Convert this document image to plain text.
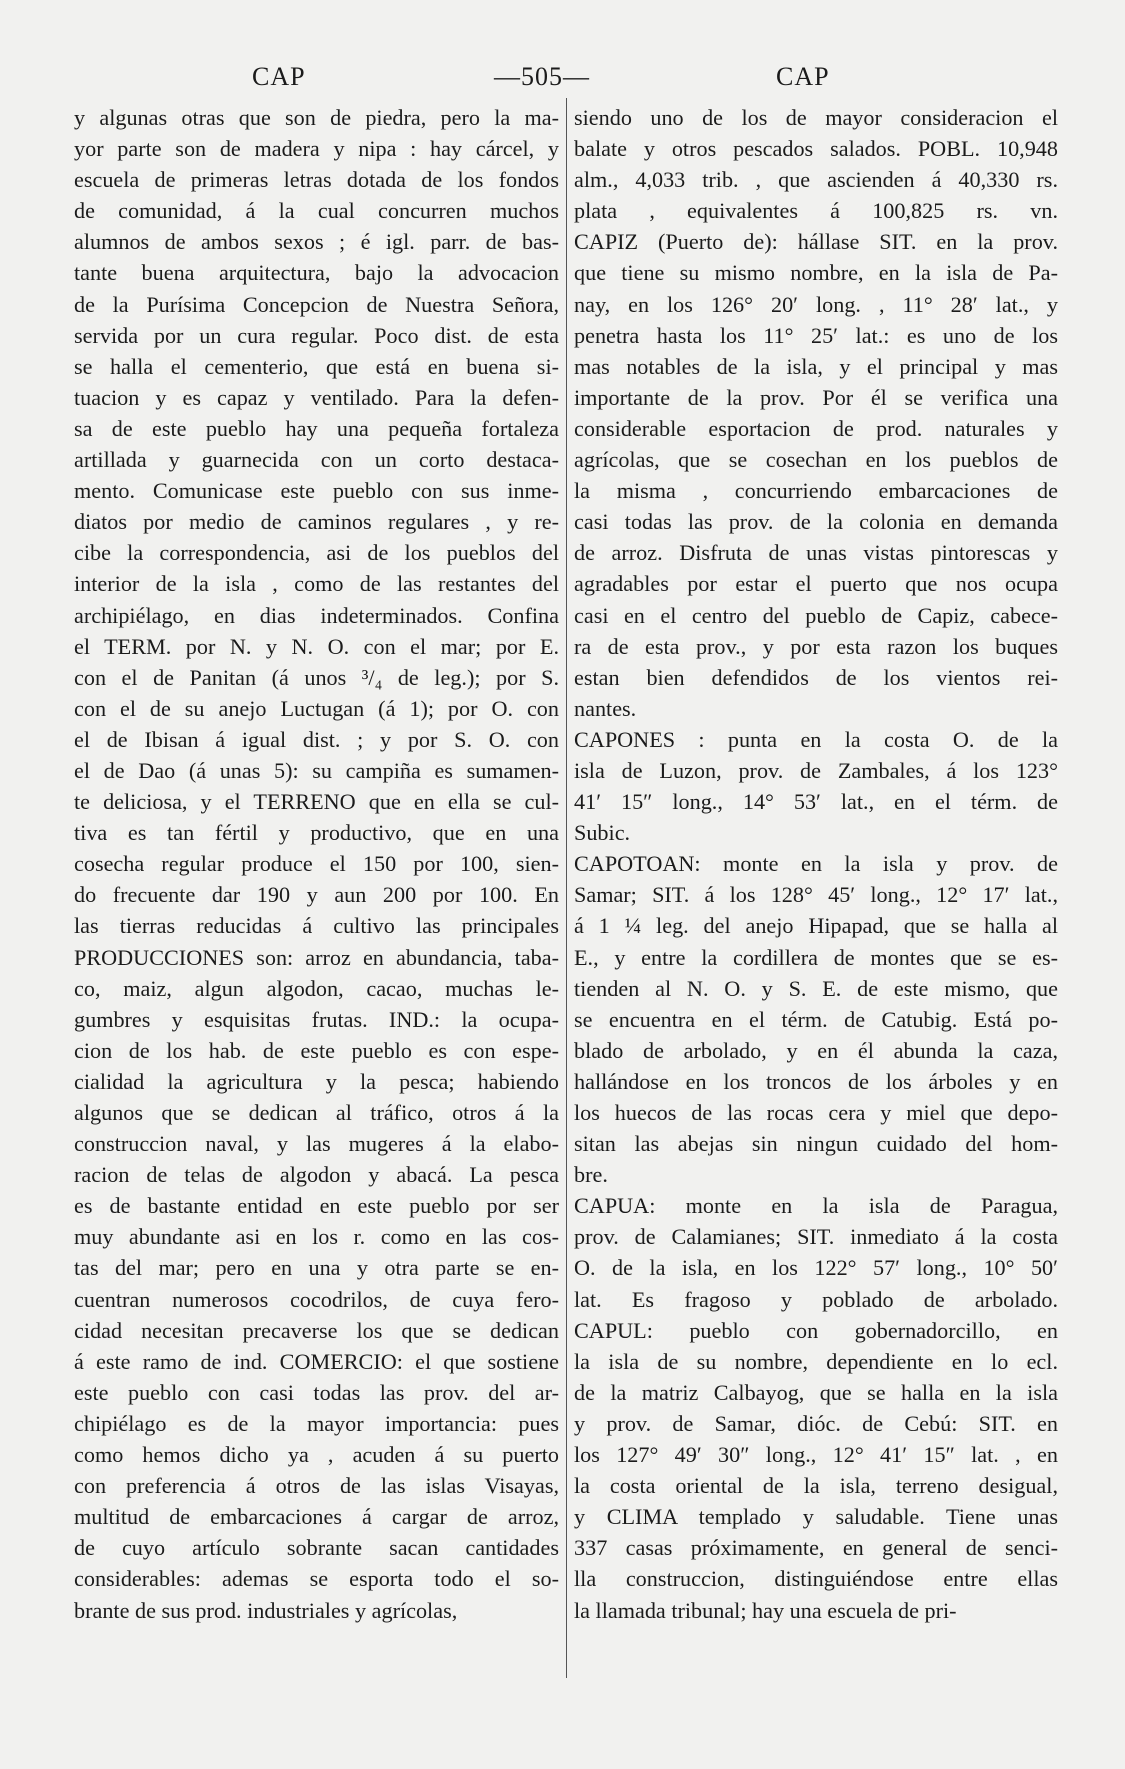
CAP	—505—	CAP
y algunas otras que son de piedra, pero la ma-
yor parte son de madera y nipa : hay cárcel, y
escuela de primeras letras dotada de los fondos
de comunidad, á la cual concurren muchos
alumnos de ambos sexos ; é igl. parr. de bas-
tante buena arquitectura, bajo la advocacion
de la Purísima Concepcion de Nuestra Señora,
servida por un cura regular. Poco dist. de esta
se halla el cementerio, que está en buena si-
tuacion y es capaz y ventilado. Para la defen-
sa de este pueblo hay una pequeña fortaleza
artillada y guarnecida con un corto destaca-
mento. Comunicase este pueblo con sus inme-
diatos por medio de caminos regulares , y re-
cibe la correspondencia, asi de los pueblos del
interior de la isla , como de las restantes del
archipiélago, en dias indeterminados. Confina
el TERM. por N. y N. O. con el mar; por E.
con el de Panitan (á unos ³/₄ de leg.); por S.
con el de su anejo Luctugan (á 1); por O. con
el de Ibisan á igual dist. ; y por S. O. con
el de Dao (á unas 5): su campiña es sumamen-
te deliciosa, y el TERRENO que en ella se cul-
tiva es tan fértil y productivo, que en una
cosecha regular produce el 150 por 100, sien-
do frecuente dar 190 y aun 200 por 100. En
las tierras reducidas á cultivo las principales
PRODUCCIONES son: arroz en abundancia, taba-
co, maiz, algun algodon, cacao, muchas le-
gumbres y esquisitas frutas. IND.: la ocupa-
cion de los hab. de este pueblo es con espe-
cialidad la agricultura y la pesca; habiendo
algunos que se dedican al tráfico, otros á la
construccion naval, y las mugeres á la elabo-
racion de telas de algodon y abacá. La pesca
es de bastante entidad en este pueblo por ser
muy abundante asi en los r. como en las cos-
tas del mar; pero en una y otra parte se en-
cuentran numerosos cocodrilos, de cuya fero-
cidad necesitan precaverse los que se dedican
á este ramo de ind. COMERCIO: el que sostiene
este pueblo con casi todas las prov. del ar-
chipiélago es de la mayor importancia: pues
como hemos dicho ya , acuden á su puerto
con preferencia á otros de las islas Visayas,
multitud de embarcaciones á cargar de arroz,
de cuyo artículo sobrante sacan cantidades
considerables: ademas se esporta todo el so-
brante de sus prod. industriales y agrícolas,
siendo uno de los de mayor consideracion el
balate y otros pescados salados. POBL. 10,948
alm., 4,033 trib. , que ascienden á 40,330 rs.
plata , equivalentes á 100,825 rs. vn.
CAPIZ (Puerto de): hállase SIT. en la prov.
que tiene su mismo nombre, en la isla de Pa-
nay, en los 126° 20′ long. , 11° 28′ lat., y
penetra hasta los 11° 25′ lat.: es uno de los
mas notables de la isla, y el principal y mas
importante de la prov. Por él se verifica una
considerable esportacion de prod. naturales y
agrícolas, que se cosechan en los pueblos de
la misma , concurriendo embarcaciones de
casi todas las prov. de la colonia en demanda
de arroz. Disfruta de unas vistas pintorescas y
agradables por estar el puerto que nos ocupa
casi en el centro del pueblo de Capiz, cabece-
ra de esta prov., y por esta razon los buques
estan bien defendidos de los vientos rei-
nantes.
CAPONES : punta en la costa O. de la
isla de Luzon, prov. de Zambales, á los 123°
41′ 15″ long., 14° 53′ lat., en el térm. de
Subic.
CAPOTOAN: monte en la isla y prov. de
Samar; SIT. á los 128° 45′ long., 12° 17′ lat.,
á 1 ¼ leg. del anejo Hipapad, que se halla al
E., y entre la cordillera de montes que se es-
tienden al N. O. y S. E. de este mismo, que
se encuentra en el térm. de Catubig. Está po-
blado de arbolado, y en él abunda la caza,
hallándose en los troncos de los árboles y en
los huecos de las rocas cera y miel que depo-
sitan las abejas sin ningun cuidado del hom-
bre.
CAPUA: monte en la isla de Paragua,
prov. de Calamianes; SIT. inmediato á la costa
O. de la isla, en los 122° 57′ long., 10° 50′
lat. Es fragoso y poblado de arbolado.
CAPUL: pueblo con gobernadorcillo, en
la isla de su nombre, dependiente en lo ecl.
de la matriz Calbayog, que se halla en la isla
y prov. de Samar, dióc. de Cebú: SIT. en
los 127° 49′ 30″ long., 12° 41′ 15″ lat. , en
la costa oriental de la isla, terreno desigual,
y CLIMA templado y saludable. Tiene unas
337 casas próximamente, en general de senci-
lla construccion, distinguiéndose entre ellas
la llamada tribunal; hay una escuela de pri-
